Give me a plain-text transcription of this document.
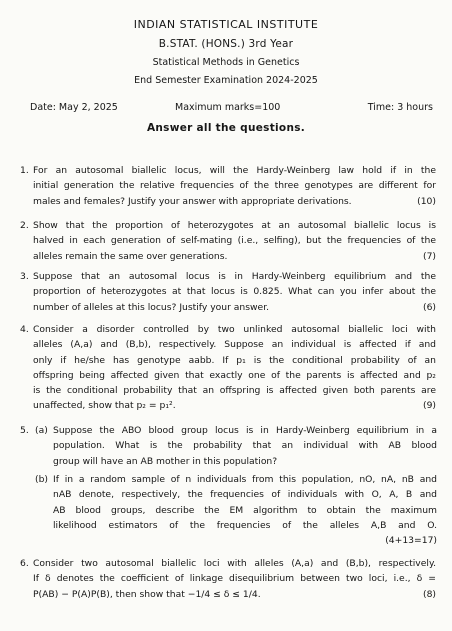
INDIAN STATISTICAL INSTITUTE
B.STAT. (HONS.) 3rd Year
Statistical Methods in Genetics
End Semester Examination 2024-2025
Date: May 2, 2025	Maximum marks=100	Time: 3 hours
Answer all the questions.
1. For an autosomal biallelic locus, will the Hardy-Weinberg law hold if in the
initial generation the relative frequencies of the three genotypes are different for
males and females? Justify your answer with appropriate derivations.	(10)
2. Show that the proportion of heterozygotes at an autosomal biallelic locus is
halved in each generation of self-mating (i.e., selfing), but the frequencies of the
alleles remain the same over generations.	(7)
3. Suppose that an autosomal locus is in Hardy-Weinberg equilibrium and the
proportion of heterozygotes at that locus is 0.825. What can you infer about the
number of alleles at this locus? Justify your answer.	(6)
4. Consider a disorder controlled by two unlinked autosomal biallelic loci with
alleles (A,a) and (B,b), respectively. Suppose an individual is affected if and
only if he/she has genotype aabb. If p₁ is the conditional probability of an
offspring being affected given that exactly one of the parents is affected and p₂
is the conditional probability that an offspring is affected given both parents are
unaffected, show that p₂ = p₁².	(9)
5. (a) Suppose the ABO blood group locus is in Hardy-Weinberg equilibrium in a
population. What is the probability that an individual with AB blood
group will have an AB mother in this population?
(b) If in a random sample of n individuals from this population, nO, nA, nB and
nAB denote, respectively, the frequencies of individuals with O, A, B and
AB blood groups, describe the EM algorithm to obtain the maximum
likelihood estimators of the frequencies of the alleles A,B and O.
(4+13=17)
6. Consider two autosomal biallelic loci with alleles (A,a) and (B,b), respectively.
If δ denotes the coefficient of linkage disequilibrium between two loci, i.e., δ =
P(AB) − P(A)P(B), then show that −1/4 ≤ δ ≤ 1/4.	(8)
